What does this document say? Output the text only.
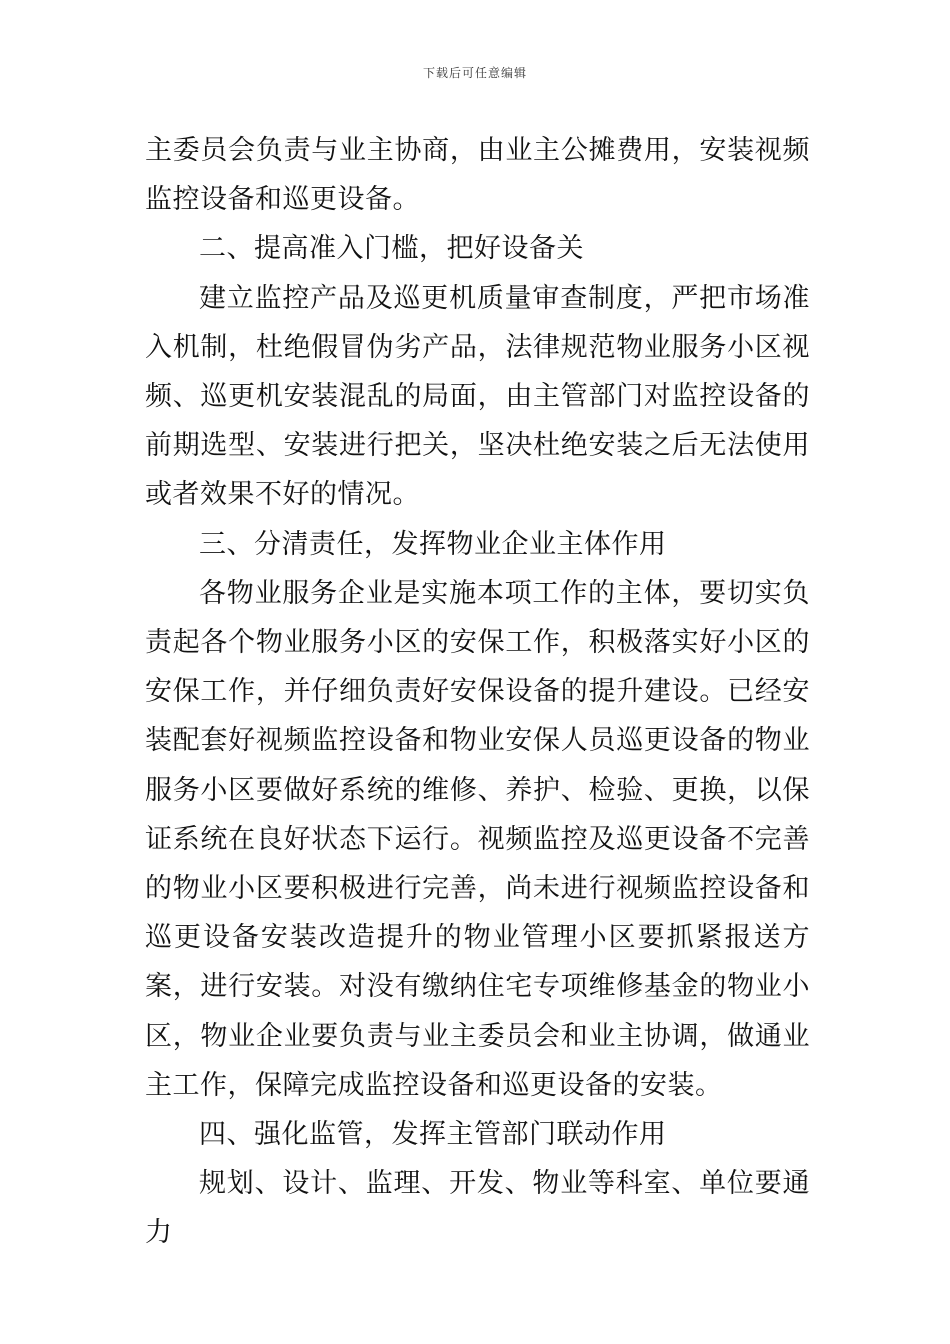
下载后可任意编辑

主委员会负责与业主协商，由业主公摊费用，安装视频监控设备和巡更设备。

二、提高准入门槛，把好设备关

建立监控产品及巡更机质量审查制度，严把市场准入机制，杜绝假冒伪劣产品，法律规范物业服务小区视频、巡更机安装混乱的局面，由主管部门对监控设备的前期选型、安装进行把关，坚决杜绝安装之后无法使用或者效果不好的情况。

三、分清责任，发挥物业企业主体作用

各物业服务企业是实施本项工作的主体，要切实负责起各个物业服务小区的安保工作，积极落实好小区的安保工作，并仔细负责好安保设备的提升建设。已经安装配套好视频监控设备和物业安保人员巡更设备的物业服务小区要做好系统的维修、养护、检验、更换，以保证系统在良好状态下运行。视频监控及巡更设备不完善的物业小区要积极进行完善，尚未进行视频监控设备和巡更设备安装改造提升的物业管理小区要抓紧报送方案，进行安装。对没有缴纳住宅专项维修基金的物业小区，物业企业要负责与业主委员会和业主协调，做通业主工作，保障完成监控设备和巡更设备的安装。

四、强化监管，发挥主管部门联动作用

规划、设计、监理、开发、物业等科室、单位要通力
